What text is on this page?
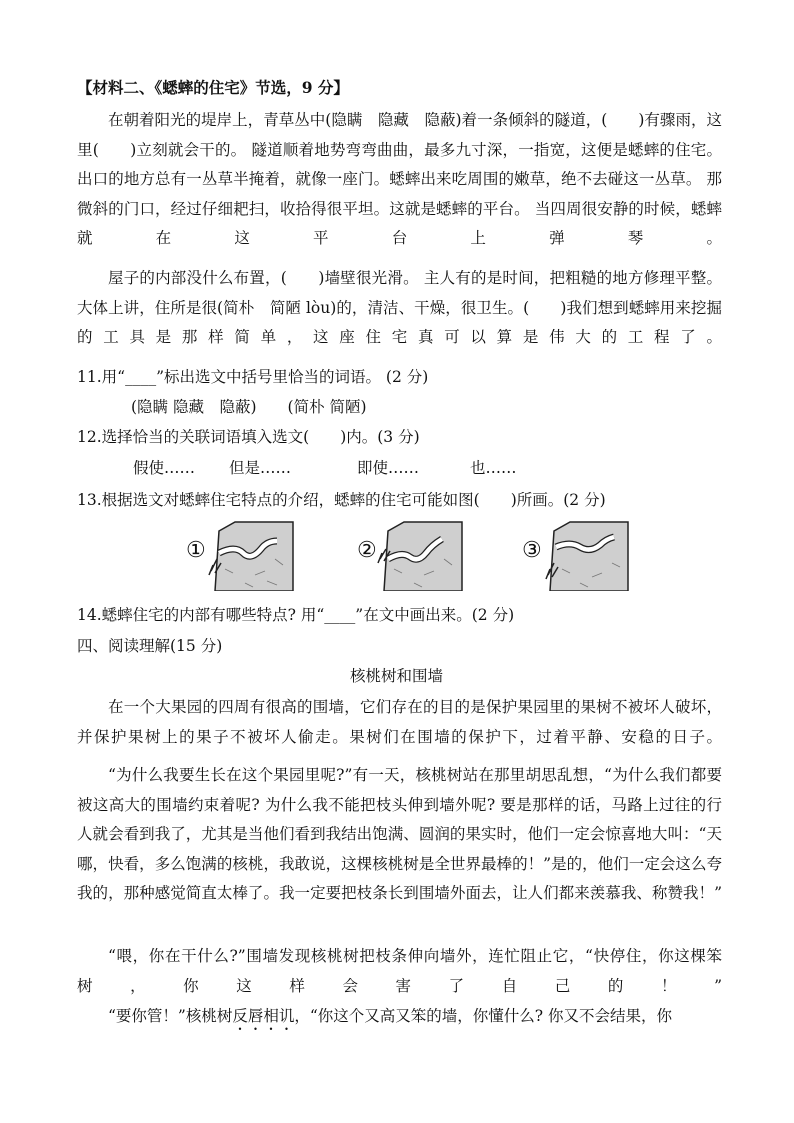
【材料二、《蟋蟀的住宅》节选，9 分】
在朝着阳光的堤岸上，青草丛中(隐瞒　隐藏　隐蔽)着一条倾斜的隧道，(　　)有骤雨，这里(　　)立刻就会干的。 隧道顺着地势弯弯曲曲，最多九寸深，一指宽，这便是蟋蟀的住宅。 出口的地方总有一丛草半掩着，就像一座门。蟋蟀出来吃周围的嫩草，绝不去碰这一丛草。 那微斜的门口，经过仔细耙扫，收拾得很平坦。这就是蟋蟀的平台。 当四周很安静的时候，蟋蟀就在这平台上弹琴。
屋子的内部没什么布置，(　　)墙壁很光滑。 主人有的是时间，把粗糙的地方修理平整。 大体上讲，住所是很(简朴　简陋 lòu)的，清洁、干燥，很卫生。(　　)我们想到蟋蟀用来挖掘的工具是那样简单，这座住宅真可以算是伟大的工程了。
11.用“____”标出选文中括号里恰当的词语。 (2 分)
(隐瞒 隐藏　隐蔽)　　(简朴 简陋)
12.选择恰当的关联词语填入选文(　　)内。(3 分)
假使…… 但是……	即使……	也……
13.根据选文对蟋蟀住宅特点的介绍，蟋蟀的住宅可能如图(　　)所画。(2 分)
①	②	③
14.蟋蟀住宅的内部有哪些特点? 用“____”在文中画出来。(2 分)
四、阅读理解(15 分)
核桃树和围墙
在一个大果园的四周有很高的围墙，它们存在的目的是保护果园里的果树不被坏人破坏，并保护果树上的果子不被坏人偷走。果树们在围墙的保护下，过着平静、安稳的日子。
“为什么我要生长在这个果园里呢?”有一天，核桃树站在那里胡思乱想，“为什么我们都要被这高大的围墙约束着呢? 为什么我不能把枝头伸到墙外呢? 要是那样的话，马路上过往的行人就会看到我了，尤其是当他们看到我结出饱满、圆润的果实时，他们一定会惊喜地大叫：“天哪，快看，多么饱满的核桃，我敢说，这棵核桃树是全世界最棒的！”是的，他们一定会这么夸我的，那种感觉简直太棒了。我一定要把枝条长到围墙外面去，让人们都来羡慕我、称赞我！”
“喂，你在干什么?”围墙发现核桃树把枝条伸向墙外，连忙阻止它，“快停住，你这棵笨树，你这样会害了自己的！”
“要你管！”核桃树反唇相讥，“你这个又高又笨的墙，你懂什么? 你又不会结果，你
